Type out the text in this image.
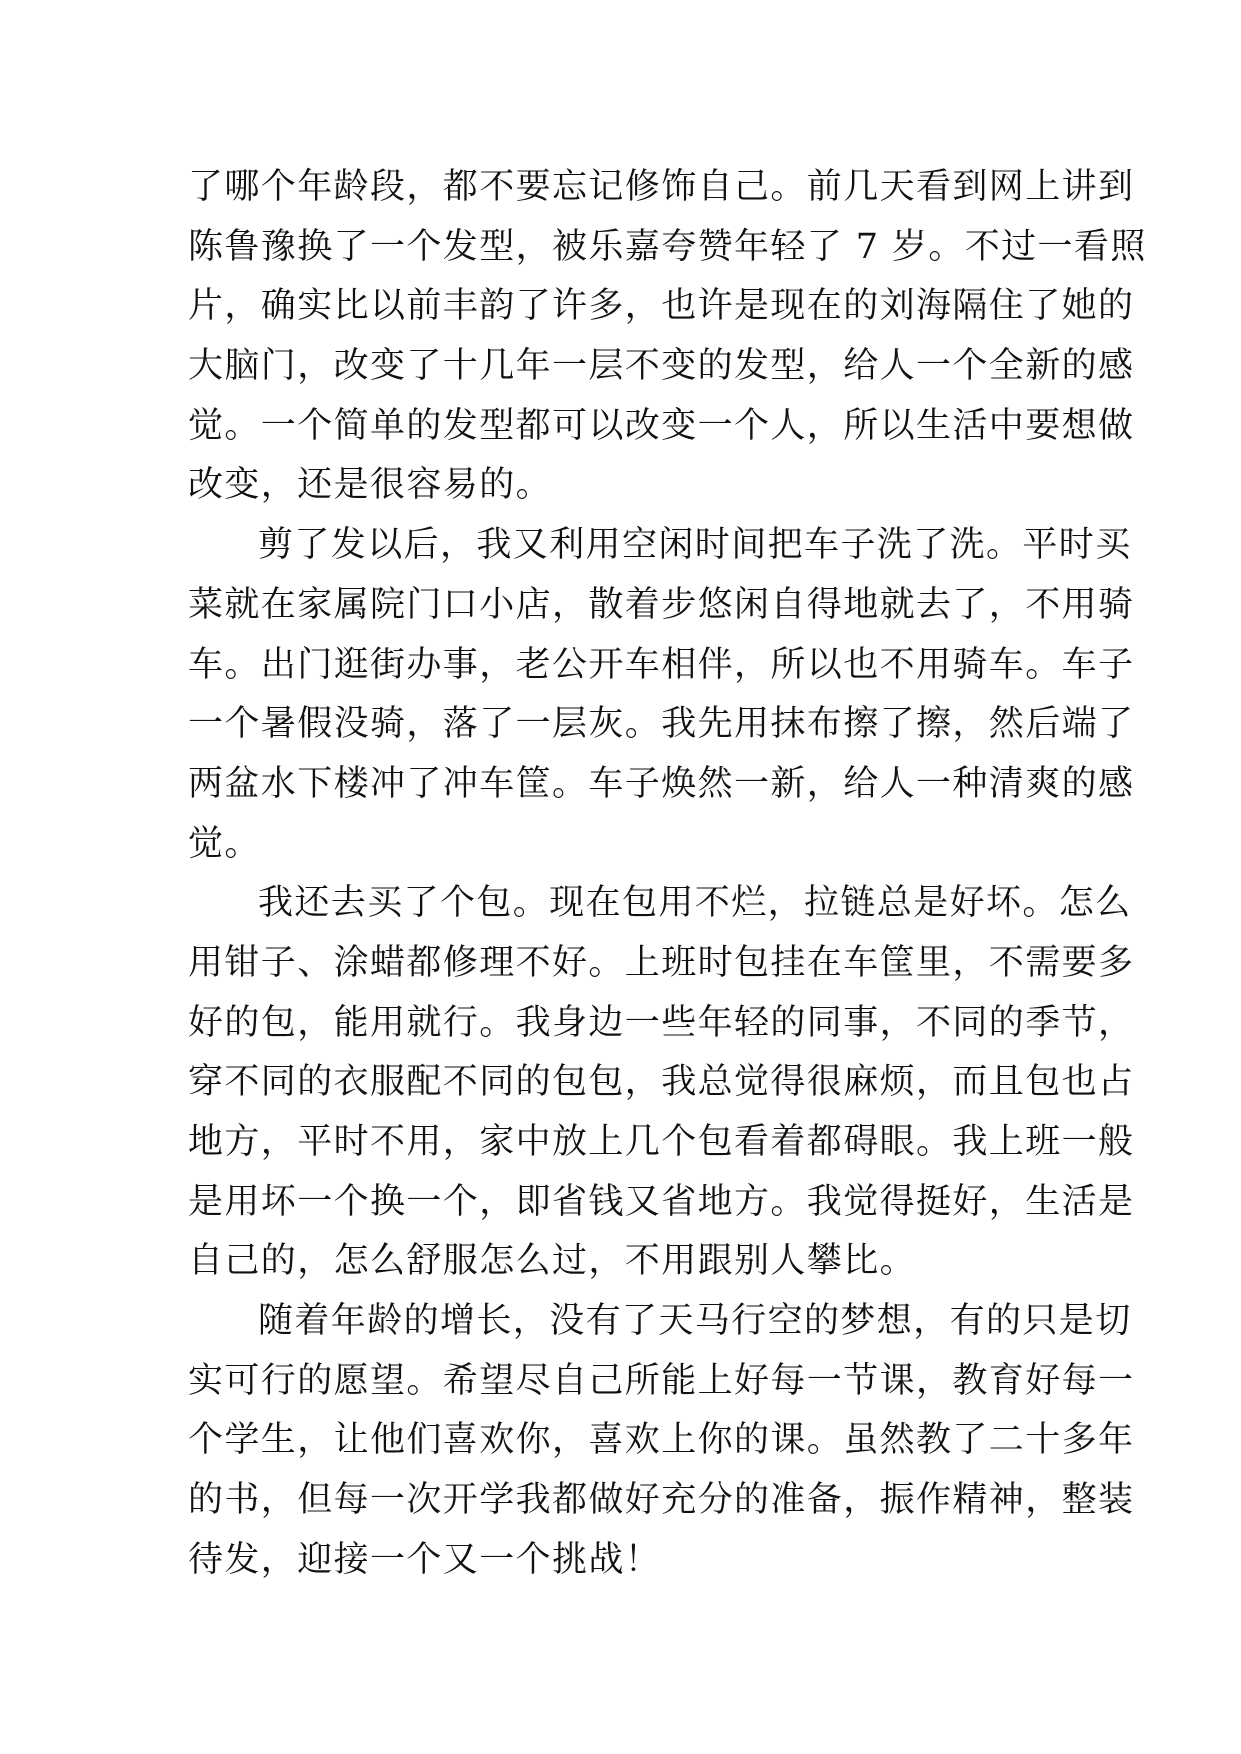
了哪个年龄段，都不要忘记修饰自己。前几天看到网上讲到
陈鲁豫换了一个发型，被乐嘉夸赞年轻了 7 岁。不过一看照
片，确实比以前丰韵了许多，也许是现在的刘海隔住了她的
大脑门，改变了十几年一层不变的发型，给人一个全新的感
觉。一个简单的发型都可以改变一个人，所以生活中要想做
改变，还是很容易的。
剪了发以后，我又利用空闲时间把车子洗了洗。平时买
菜就在家属院门口小店，散着步悠闲自得地就去了，不用骑
车。出门逛街办事，老公开车相伴，所以也不用骑车。车子
一个暑假没骑，落了一层灰。我先用抹布擦了擦，然后端了
两盆水下楼冲了冲车筐。车子焕然一新，给人一种清爽的感
觉。
我还去买了个包。现在包用不烂，拉链总是好坏。怎么
用钳子、涂蜡都修理不好。上班时包挂在车筐里，不需要多
好的包，能用就行。我身边一些年轻的同事，不同的季节，
穿不同的衣服配不同的包包，我总觉得很麻烦，而且包也占
地方，平时不用，家中放上几个包看着都碍眼。我上班一般
是用坏一个换一个，即省钱又省地方。我觉得挺好，生活是
自己的，怎么舒服怎么过，不用跟别人攀比。
随着年龄的增长，没有了天马行空的梦想，有的只是切
实可行的愿望。希望尽自己所能上好每一节课，教育好每一
个学生，让他们喜欢你，喜欢上你的课。虽然教了二十多年
的书，但每一次开学我都做好充分的准备，振作精神，整装
待发，迎接一个又一个挑战！
